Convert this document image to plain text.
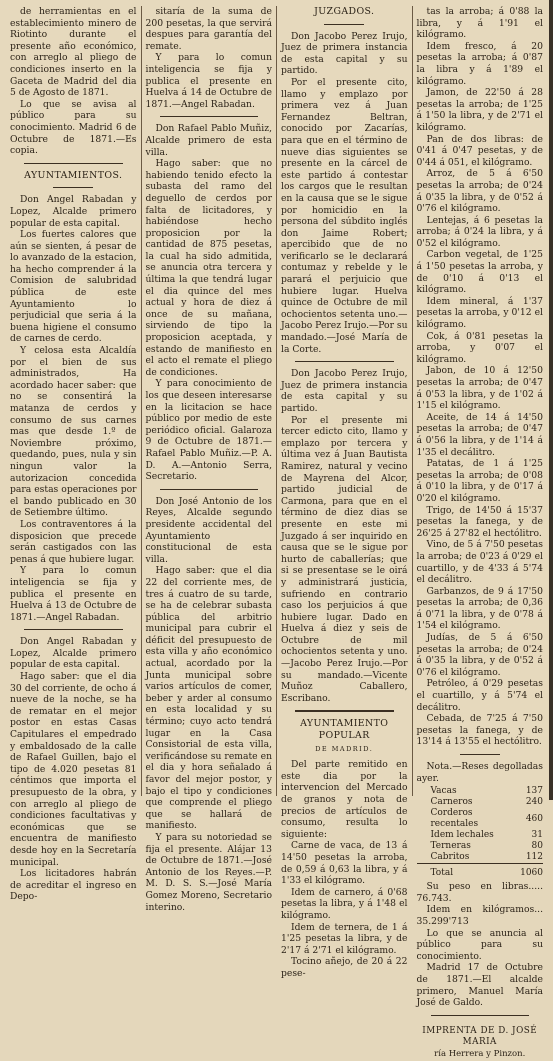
de herramientas en el establecimiento minero de Riotinto durante el presente año económico, con arreglo al pliego de condiciones inserto en la Gaceta de Madrid del dia 5 de Agosto de 1871.

Lo que se avisa al público para su conocimiento. Madrid 6 de Octubre de 1871.—Es copia.

AYUNTAMIENTOS.

Don Angel Rabadan y Lopez, Alcalde primero popular de esta capital.

Los fuertes calores que aún se sienten, á pesar de lo avanzado de la estacion, ha hecho comprender á la Comision de salubridad pública de este Ayuntamiento lo perjudicial que seria á la buena higiene el consumo de carnes de cerdo.

Y celosa esta Alcaldía por el bien de sus administrados, Ha acordado hacer saber: que no se consentirá la matanza de cerdos y consumo de sus carnes mas que desde 1.º de Noviembre próximo, quedando, pues, nula y sin ningun valor la autorizacion concedida para estas operaciones por el bando publicado en 30 de Setiembre último.

Los contraventores á la disposicion que precede serán castigados con las penas á que hubiere lugar.

Y para lo comun inteligencia se fija y publica el presente en Huelva á 13 de Octubre de 1871.—Angel Rabadan.

Don Angel Rabadan y Lopez, Alcalde primero popular de esta capital.

Hago saber: que el dia 30 del corriente, de ocho á nueve de la noche, se ha de rematar en el mejor postor en estas Casas Capitulares el empedrado y embaldosado de la calle de Rafael Guillen, bajo el tipo de 4.020 pesetas 81 céntimos que importa el presupuesto de la obra, y con arreglo al pliego de condiciones facultativas y económicas que se encuentra de manifiesto desde hoy en la Secretaría municipal.

Los licitadores habrán de acreditar el ingreso en Depo-

sitaría de la suma de 200 pesetas, la que servirá despues para garantía del remate.

Y para lo comun inteligencia se fija y publica el presente en Huelva á 14 de Octubre de 1871.—Angel Rabadan.

Don Rafael Pablo Muñiz, Alcalde primero de esta villa.

Hago saber: que no habiendo tenido efecto la subasta del ramo del deguello de cerdos por falta de licitadores, y habiéndose hecho proposicion por la cantidad de 875 pesetas, la cual ha sido admitida, se anuncia otra tercera y última la que tendrá lugar el dia quince del mes actual y hora de diez á once de su mañana, sirviendo de tipo la proposicion aceptada, y estando de manifiesto en el acto el remate el pliego de condiciones.

Y para conocimiento de los que deseen interesarse en la licitacion se hace público por medio de este periódico oficial. Galaroza 9 de Octubre de 1871.—Rafael Pablo Muñiz.—P. A. D. A.—Antonio Serra, Secretario.

Don José Antonio de los Reyes, Alcalde segundo presidente accidental del Ayuntamiento constitucional de esta villa.

Hago saber: que el dia 22 del corriente mes, de tres á cuatro de su tarde, se ha de celebrar subasta pública del arbitrio municipal para cubrir el déficit del presupuesto de esta villa y año económico actual, acordado por la Junta municipal sobre varios artículos de comer, beber y arder al consumo en esta localidad y su término; cuyo acto tendrá lugar en la Casa Consistorial de esta villa, verificándose su remate en el dia y hora señalado á favor del mejor postor, y bajo el tipo y condiciones que comprende el pliego que se hallará de manifiesto.

Y para su notoriedad se fija el presente. Alájar 13 de Octubre de 1871.—José Antonio de los Reyes.—P. M. D. S. S.—José María Gomez Moreno, Secretario interino.

JUZGADOS.

Don Jacobo Perez Irujo, Juez de primera instancia de esta capital y su partido.

Por el presente cito, llamo y emplazo por primera vez á Juan Fernandez Beltran, conocido por Zacarías, para que en el término de nueve dias siguientes se presente en la cárcel de este partido á contestar los cargos que le resultan en la causa que se le sigue por homicidio en la persona del súbdito inglés don Jaime Robert; apercibido que de no verificarlo se le declarará contumaz y rebelde y le parará el perjuicio que hubiere lugar. Huelva quince de Octubre de mil ochocientos setenta uno.—Jacobo Perez Irujo.—Por su mandado.—José María de la Corte.

Don Jacobo Perez Irujo, Juez de primera instancia de esta capital y su partido.

Por el presente mi tercer edicto cito, llamo y emplazo por tercera y última vez á Juan Bautista Ramirez, natural y vecino de Mayrena del Alcor, partido judicial de Carmona, para que en el término de diez dias se presente en este mi Juzgado á ser inquirido en causa que se le sigue por hurto de caballerías; que si se presentase se le oirá y administrará justicia, sufriendo en contrario caso los perjuicios á que hubiere lugar. Dado en Huelva á diez y seis de Octubre de mil ochocientos setenta y uno.—Jacobo Perez Irujo.—Por su mandado.—Vicente Muñoz Caballero, Escribano.

AYUNTAMIENTO POPULAR

DE MADRID.

Del parte remitido en este dia por la intervencion del Mercado de granos y nota de precios de artículos de consumo, resulta lo siguiente:

Carne de vaca, de 13 á 14'50 pesetas la arroba, de 0,59 á 0,63 la libra, y á 1'33 el kilógramo.

Idem de carnero, á 0'68 pesetas la libra, y á 1'48 el kilógramo.

Idem de ternera, de 1 á 1'25 pesetas la libra, y de 2'17 á 2'71 el kilógramo.

Tocino añejo, de 20 á 22 pese-

tas la arroba; á 0'88 la libra, y á 1'91 el kilógramo.

Idem fresco, á 20 pesetas la arroba; á 0'87 la libra y á 1'89 el kilógramo.

Jamon, de 22'50 á 28 pesetas la arroba; de 1'25 á 1'50 la libra, y de 2'71 el kilógramo.

Pan de dos libras: de 0'41 á 0'47 pesetas, y de 0'44 á 051, el kilógramo.

Arroz, de 5 á 6'50 pesetas la arroba; de 0'24 á 0'35 la libra, y de 0'52 á 0'76 el kilógramo.

Lentejas, á 6 pesetas la arroba; á 0'24 la libra, y á 0'52 el kilógramo.

Carbon vegetal, de 1'25 á 1'50 pesetas la arroba, y de 0'10 á 0'13 el kilógramo.

Idem mineral, á 1'37 pesetas la arroba, y 0'12 el kilógramo.

Cok, á 0'81 pesetas la arroba, y 0'07 el kilógramo.

Jabon, de 10 á 12'50 pesetas la arroba; de 0'47 á 0'53 la libra, y de 1'02 á 1'15 el kilógramo.

Aceite, de 14 á 14'50 pesetas la arroba; de 0'47 á 0'56 la libra, y de 1'14 á 1'35 el decálitro.

Patatas, de 1 á 1'25 pesetas la arroba; de 0'08 á 0'10 la libra, y de 0'17 á 0'20 el kilógramo.

Trigo, de 14'50 á 15'37 pesetas la fanega, y de 26'25 á 27'82 el hectólitro.

Vino, de 5 á 7'50 pesetas la arroba; de 0'23 á 0'29 el cuartillo, y de 4'33 á 5'74 el decálitro.

Garbanzos, de 9 á 17'50 pesetas la arroba; de 0,36 á 0'71 la libra, y de 0'78 á 1'54 el kilógramo.

Judías, de 5 á 6'50 pesetas la arroba; de 0'24 á 0'35 la libra, y de 0'52 á 0'76 el kilógramo.

Petróleo, á 0'29 pesetas el cuartillo, y á 5'74 el decálitro.

Cebada, de 7'25 á 7'50 pesetas la fanega, y de 13'14 á 13'55 el hectólitro.

Nota.—Reses degolladas ayer.

Vacas	137
Carneros	240
Corderos recentales	460
Idem lechales	31
Terneras	80
Cabritos	112
Total	1060

Su peso en libras..... 76.743.

Idem en kilógramos... 35.299'713

Lo que se anuncia al público para su conocimiento.

Madrid 17 de Octubre de 1871.—El alcalde primero, Manuel María José de Galdo.

IMPRENTA DE D. JOSÉ MARIA
ría Herrera y Pinzon.
